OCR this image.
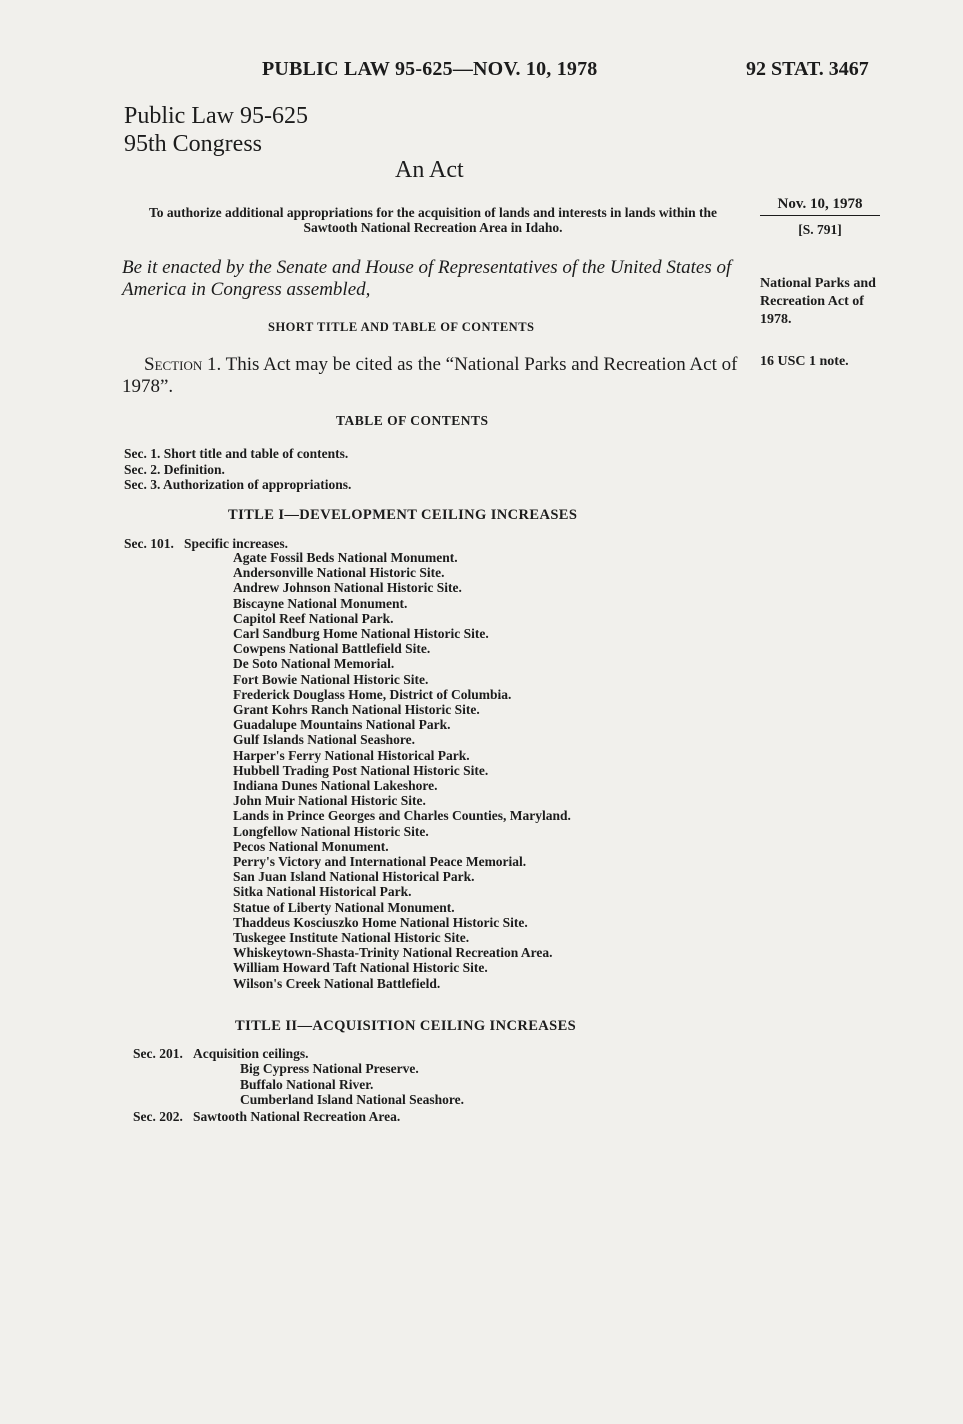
PUBLIC LAW 95-625—NOV. 10, 1978	92 STAT. 3467
Public Law 95-625
95th Congress
An Act
To authorize additional appropriations for the acquisition of lands and interests in lands within the Sawtooth National Recreation Area in Idaho.
Nov. 10, 1978
[S. 791]
Be it enacted by the Senate and House of Representatives of the United States of America in Congress assembled,	National Parks and Recreation Act of 1978.
SHORT TITLE AND TABLE OF CONTENTS
Section 1. This Act may be cited as the “National Parks and Recreation Act of 1978”.
16 USC 1 note.
TABLE OF CONTENTS
Sec. 1. Short title and table of contents.
Sec. 2. Definition.
Sec. 3. Authorization of appropriations.
TITLE I—DEVELOPMENT CEILING INCREASES
Sec. 101. Specific increases.
Agate Fossil Beds National Monument.
Andersonville National Historic Site.
Andrew Johnson National Historic Site.
Biscayne National Monument.
Capitol Reef National Park.
Carl Sandburg Home National Historic Site.
Cowpens National Battlefield Site.
De Soto National Memorial.
Fort Bowie National Historic Site.
Frederick Douglass Home, District of Columbia.
Grant Kohrs Ranch National Historic Site.
Guadalupe Mountains National Park.
Gulf Islands National Seashore.
Harper's Ferry National Historical Park.
Hubbell Trading Post National Historic Site.
Indiana Dunes National Lakeshore.
John Muir National Historic Site.
Lands in Prince Georges and Charles Counties, Maryland.
Longfellow National Historic Site.
Pecos National Monument.
Perry's Victory and International Peace Memorial.
San Juan Island National Historical Park.
Sitka National Historical Park.
Statue of Liberty National Monument.
Thaddeus Kosciuszko Home National Historic Site.
Tuskegee Institute National Historic Site.
Whiskeytown-Shasta-Trinity National Recreation Area.
William Howard Taft National Historic Site.
Wilson's Creek National Battlefield.
TITLE II—ACQUISITION CEILING INCREASES
Sec. 201. Acquisition ceilings.
Big Cypress National Preserve.
Buffalo National River.
Cumberland Island National Seashore.
Sec. 202. Sawtooth National Recreation Area.
